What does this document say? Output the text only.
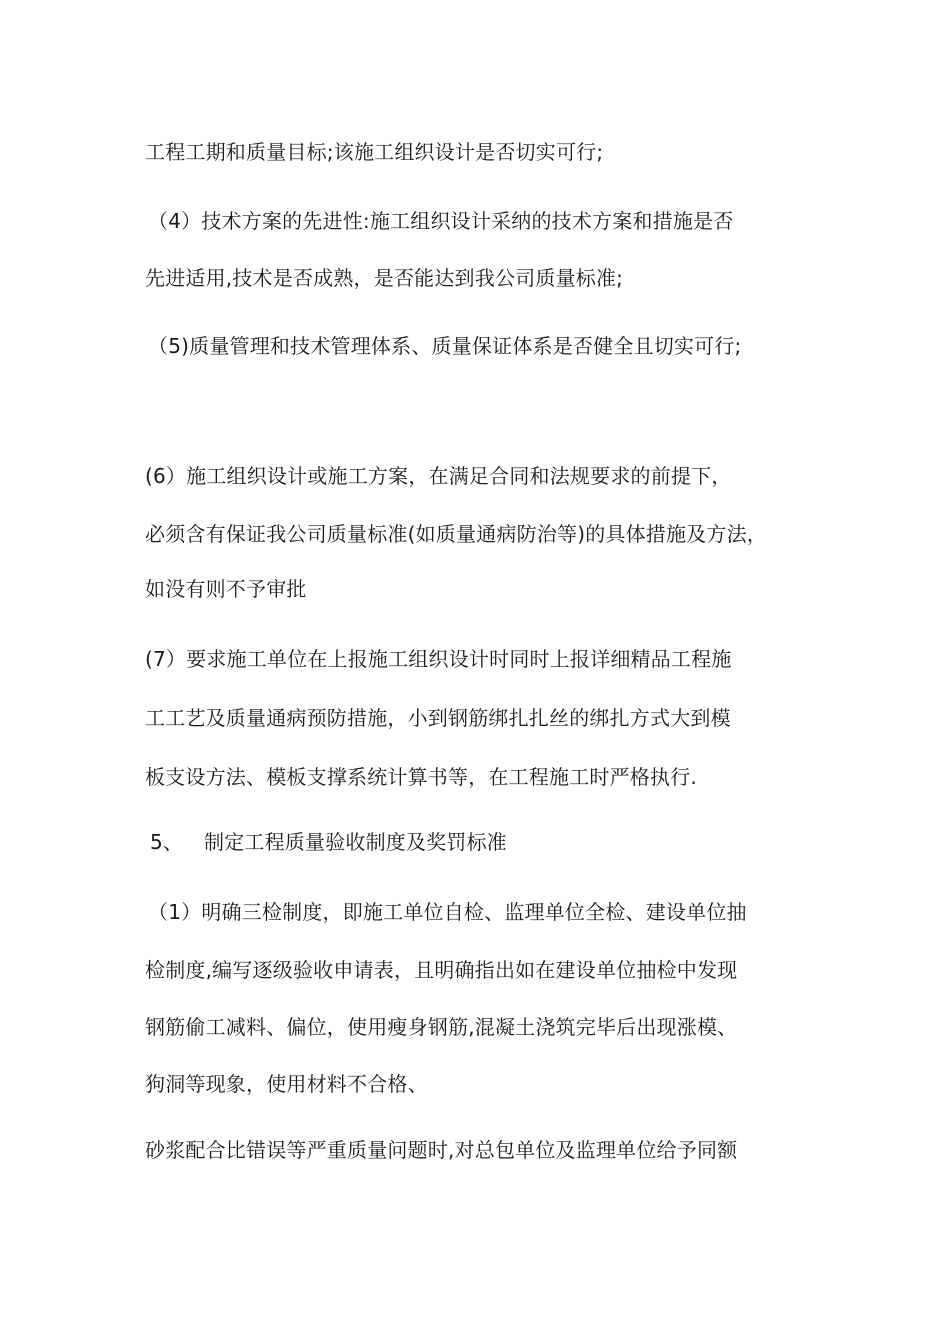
工程工期和质量目标;该施工组织设计是否切实可行;
（4）技术方案的先进性:施工组织设计采纳的技术方案和措施是否
先进适用,技术是否成熟，是否能达到我公司质量标准;
（5)质量管理和技术管理体系、质量保证体系是否健全且切实可行;
(6）施工组织设计或施工方案，在满足合同和法规要求的前提下，
必须含有保证我公司质量标准(如质量通病防治等)的具体措施及方法，
如没有则不予审批
(7）要求施工单位在上报施工组织设计时同时上报详细精品工程施
工工艺及质量通病预防措施，小到钢筋绑扎扎丝的绑扎方式大到模
板支设方法、模板支撑系统计算书等，在工程施工时严格执行.
5、 制定工程质量验收制度及奖罚标准
（1）明确三检制度，即施工单位自检、监理单位全检、建设单位抽
检制度,编写逐级验收申请表，且明确指出如在建设单位抽检中发现
钢筋偷工减料、偏位，使用瘦身钢筋,混凝土浇筑完毕后出现涨模、
狗洞等现象，使用材料不合格、
砂浆配合比错误等严重质量问题时,对总包单位及监理单位给予同额
